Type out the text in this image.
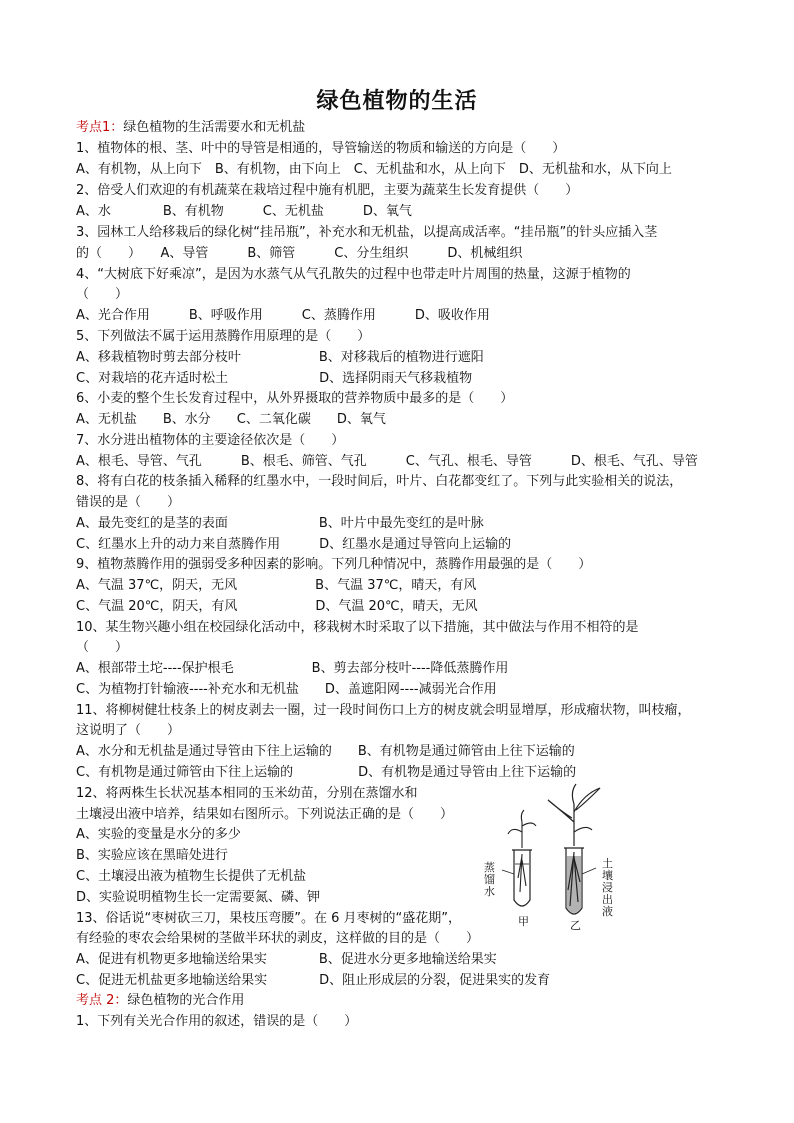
绿色植物的生活
考点1：绿色植物的生活需要水和无机盐
1、植物体的根、茎、叶中的导管是相通的，导管输送的物质和输送的方向是（　　）
A、有机物，从上向下　B、有机物，由下向上　C、无机盐和水，从上向下　D、无机盐和水，从下向上
2、倍受人们欢迎的有机蔬菜在栽培过程中施有机肥，主要为蔬菜生长发育提供（　　）
A、水　　　　B、有机物　　　C、无机盐　　　D、氧气
3、园林工人给移栽后的绿化树“挂吊瓶”，补充水和无机盐，以提高成活率。“挂吊瓶”的针头应插入茎
的（　　）　　A、导管　　　B、筛管　　　C、分生组织　　　D、机械组织
4、“大树底下好乘凉”，是因为水蒸气从气孔散失的过程中也带走叶片周围的热量，这源于植物的
（　　）
A、光合作用　　　B、呼吸作用　　　C、蒸腾作用　　　D、吸收作用
5、下列做法不属于运用蒸腾作用原理的是（　　）
A、移栽植物时剪去部分枝叶　　　　　　B、对移栽后的植物进行遮阳
C、对栽培的花卉适时松土　　　　　　　D、选择阴雨天气移栽植物
6、小麦的整个生长发育过程中，从外界摄取的营养物质中最多的是（　　）
A、无机盐　　B、水分　　C、二氧化碳　　D、氧气
7、水分进出植物体的主要途径依次是（　　）
A、根毛、导管、气孔　　　B、根毛、筛管、气孔　　　C、气孔、根毛、导管　　　D、根毛、气孔、导管
8、将有白花的枝条插入稀释的红墨水中，一段时间后，叶片、白花都变红了。下列与此实验相关的说法，
错误的是（　　）
A、最先变红的是茎的表面　　　　　　　B、叶片中最先变红的是叶脉
C、红墨水上升的动力来自蒸腾作用　　　D、红墨水是通过导管向上运输的
9、植物蒸腾作用的强弱受多种因素的影响。下列几种情况中，蒸腾作用最强的是（　　）
A、气温 37℃，阴天，无风　　　　　　B、气温 37℃，晴天，有风
C、气温 20℃，阴天，有风　　　　　　D、气温 20℃，晴天，无风
10、某生物兴趣小组在校园绿化活动中，移栽树木时采取了以下措施，其中做法与作用不相符的是
（　　）
A、根部带土坨----保护根毛　　　　　　B、剪去部分枝叶----降低蒸腾作用
C、为植物打针输液----补充水和无机盐　　D、盖遮阳网----减弱光合作用
11、将柳树健壮枝条上的树皮剥去一圈，过一段时间伤口上方的树皮就会明显增厚，形成瘤状物，叫枝瘤，
这说明了（　　）
A、水分和无机盐是通过导管由下往上运输的　　B、有机物是通过筛管由上往下运输的
C、有机物是通过筛管由下往上运输的　　　　　D、有机物是通过导管由上往下运输的
12、将两株生长状况基本相同的玉米幼苗，分别在蒸馏水和
土壤浸出液中培养，结果如右图所示。下列说法正确的是（　　）
A、实验的变量是水分的多少
B、实验应该在黑暗处进行
C、土壤浸出液为植物生长提供了无机盐
D、实验说明植物生长一定需要氮、磷、钾
13、俗话说“枣树砍三刀，果枝压弯腰”。在 6 月枣树的“盛花期”，
有经验的枣农会给果树的茎做半环状的剥皮，这样做的目的是（　　）
A、促进有机物更多地输送给果实　　　　B、促进水分更多地输送给果实
C、促进无机盐更多地输送给果实　　　　D、阻止形成层的分裂，促进果实的发育
考点 2：绿色植物的光合作用
1、下列有关光合作用的叙述，错误的是（　　）
蒸馏水
土壤浸出液
甲	乙
